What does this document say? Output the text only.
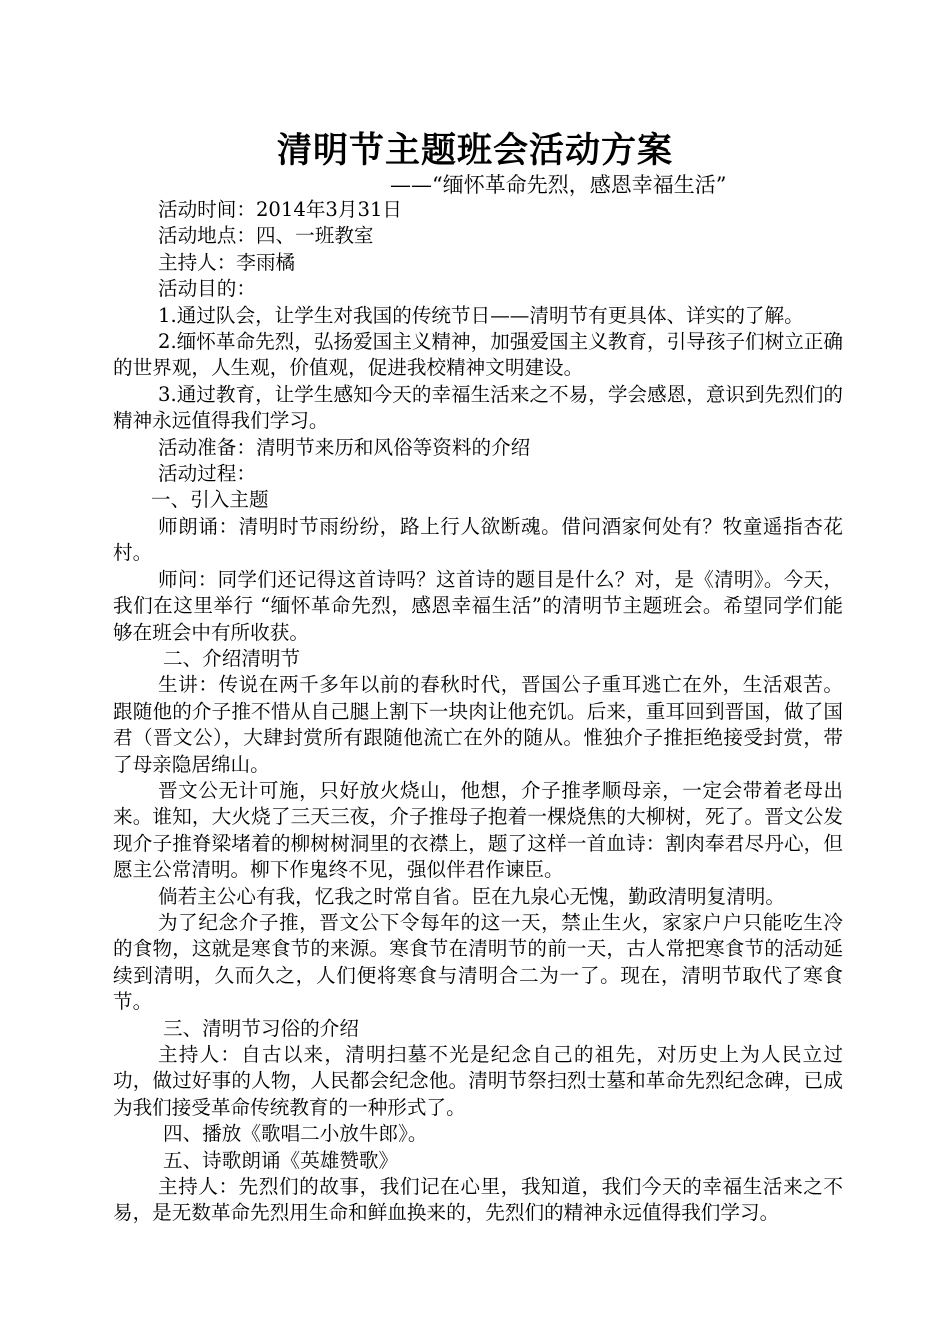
清明节主题班会活动方案
——“缅怀革命先烈，感恩幸福生活”

活动时间：2014年3月31日

活动地点：四、一班教室

主持人：李雨橘

活动目的：

1.通过队会，让学生对我国的传统节日——清明节有更具体、详实的了解。

2.缅怀革命先烈，弘扬爱国主义精神，加强爱国主义教育，引导孩子们树立正确的世界观，人生观，价值观，促进我校精神文明建设。

3.通过教育，让学生感知今天的幸福生活来之不易，学会感恩，意识到先烈们的精神永远值得我们学习。

活动准备：清明节来历和风俗等资料的介绍

活动过程：

一、引入主题

师朗诵：清明时节雨纷纷，路上行人欲断魂。借问酒家何处有？牧童遥指杏花村。

师问：同学们还记得这首诗吗？这首诗的题目是什么？对，是《清明》。今天，我们在这里举行 “缅怀革命先烈，感恩幸福生活”的清明节主题班会。希望同学们能够在班会中有所收获。

二、介绍清明节

生讲：传说在两千多年以前的春秋时代，晋国公子重耳逃亡在外，生活艰苦。跟随他的介子推不惜从自己腿上割下一块肉让他充饥。后来，重耳回到晋国，做了国君（晋文公），大肆封赏所有跟随他流亡在外的随从。惟独介子推拒绝接受封赏，带了母亲隐居绵山。

晋文公无计可施，只好放火烧山，他想，介子推孝顺母亲，一定会带着老母出来。谁知，大火烧了三天三夜，介子推母子抱着一棵烧焦的大柳树，死了。晋文公发现介子推脊梁堵着的柳树树洞里的衣襟上，题了这样一首血诗：割肉奉君尽丹心，但愿主公常清明。柳下作鬼终不见，强似伴君作谏臣。

倘若主公心有我，忆我之时常自省。臣在九泉心无愧，勤政清明复清明。

为了纪念介子推，晋文公下令每年的这一天，禁止生火，家家户户只能吃生冷的食物，这就是寒食节的来源。寒食节在清明节的前一天，古人常把寒食节的活动延续到清明，久而久之，人们便将寒食与清明合二为一了。现在，清明节取代了寒食节。

三、清明节习俗的介绍

主持人：自古以来，清明扫墓不光是纪念自己的祖先，对历史上为人民立过功，做过好事的人物，人民都会纪念他。清明节祭扫烈士墓和革命先烈纪念碑，已成为我们接受革命传统教育的一种形式了。

四、播放《歌唱二小放牛郎》。

五、诗歌朗诵《英雄赞歌》

主持人：先烈们的故事，我们记在心里，我知道，我们今天的幸福生活来之不易，是无数革命先烈用生命和鲜血换来的，先烈们的精神永远值得我们学习。
